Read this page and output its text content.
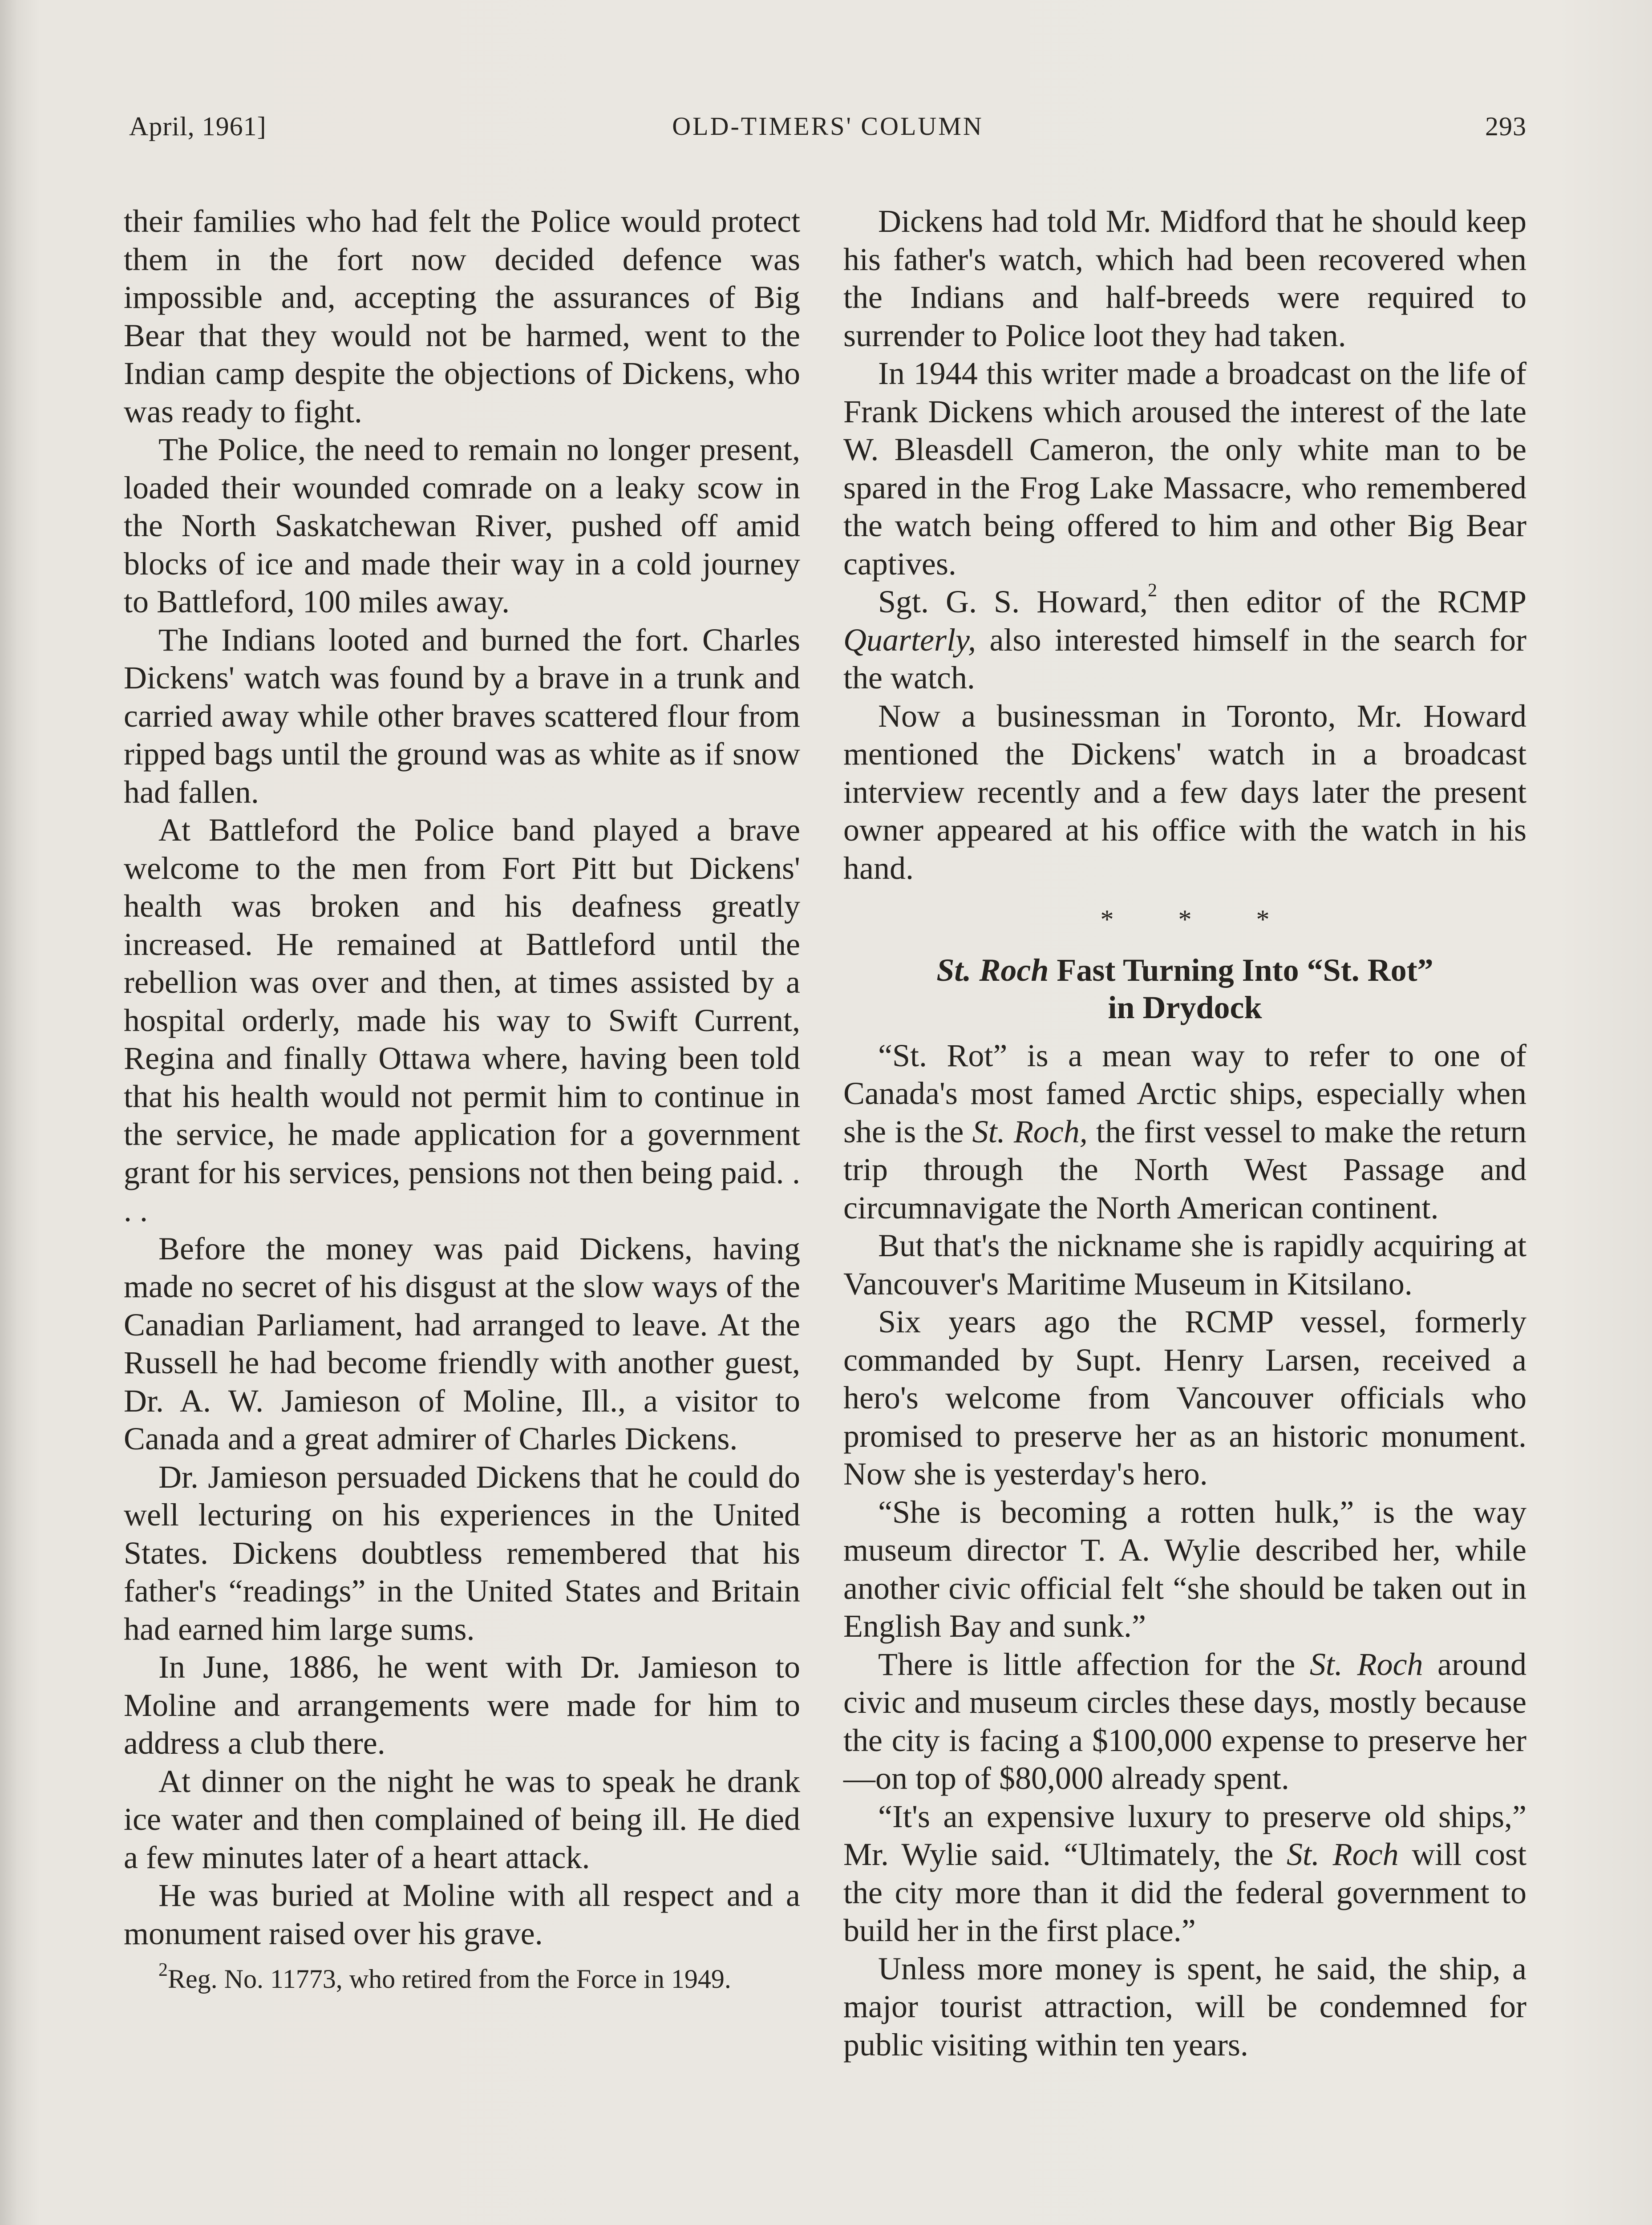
OLD-TIMERS' COLUMN
April, 1961]	293

their families who had felt the Police would protect them in the fort now decided defence was impossible and, accepting the assurances of Big Bear that they would not be harmed, went to the Indian camp despite the objections of Dickens, who was ready to fight.

The Police, the need to remain no longer present, loaded their wounded comrade on a leaky scow in the North Saskatchewan River, pushed off amid blocks of ice and made their way in a cold journey to Battleford, 100 miles away.

The Indians looted and burned the fort. Charles Dickens' watch was found by a brave in a trunk and carried away while other braves scattered flour from ripped bags until the ground was as white as if snow had fallen.

At Battleford the Police band played a brave welcome to the men from Fort Pitt but Dickens' health was broken and his deafness greatly increased. He remained at Battleford until the rebellion was over and then, at times assisted by a hospital orderly, made his way to Swift Current, Regina and finally Ottawa where, having been told that his health would not permit him to continue in the service, he made application for a government grant for his services, pensions not then being paid. . . .

Before the money was paid Dickens, having made no secret of his disgust at the slow ways of the Canadian Parliament, had arranged to leave. At the Russell he had become friendly with another guest, Dr. A. W. Jamieson of Moline, Ill., a visitor to Canada and a great admirer of Charles Dickens.

Dr. Jamieson persuaded Dickens that he could do well lecturing on his experiences in the United States. Dickens doubtless remembered that his father's “readings” in the United States and Britain had earned him large sums.

In June, 1886, he went with Dr. Jamieson to Moline and arrangements were made for him to address a club there.

At dinner on the night he was to speak he drank ice water and then complained of being ill. He died a few minutes later of a heart attack.

He was buried at Moline with all respect and a monument raised over his grave.

$^2$Reg. No. 11773, who retired from the Force in 1949.

Dickens had told Mr. Midford that he should keep his father's watch, which had been recovered when the Indians and half-breeds were required to surrender to Police loot they had taken.

In 1944 this writer made a broadcast on the life of Frank Dickens which aroused the interest of the late W. Bleasdell Cameron, the only white man to be spared in the Frog Lake Massacre, who remembered the watch being offered to him and other Big Bear captives.

Sgt. G. S. Howard,$^2$ then editor of the RCMP Quarterly, also interested himself in the search for the watch.

Now a businessman in Toronto, Mr. Howard mentioned the Dickens' watch in a broadcast interview recently and a few days later the present owner appeared at his office with the watch in his hand.

* * *
St. Roch Fast Turning Into “St. Rot”
in Drydock

“St. Rot” is a mean way to refer to one of Canada's most famed Arctic ships, especially when she is the St. Roch, the first vessel to make the return trip through the North West Passage and circumnavigate the North American continent.

But that's the nickname she is rapidly acquiring at Vancouver's Maritime Museum in Kitsilano.

Six years ago the RCMP vessel, formerly commanded by Supt. Henry Larsen, received a hero's welcome from Vancouver officials who promised to preserve her as an historic monument. Now she is yesterday's hero.

“She is becoming a rotten hulk,” is the way museum director T. A. Wylie described her, while another civic official felt “she should be taken out in English Bay and sunk.”

There is little affection for the St. Roch around civic and museum circles these days, mostly because the city is facing a $100,000 expense to preserve her—on top of $80,000 already spent.

“It's an expensive luxury to preserve old ships,” Mr. Wylie said. “Ultimately, the St. Roch will cost the city more than it did the federal government to build her in the first place.”

Unless more money is spent, he said, the ship, a major tourist attraction, will be condemned for public visiting within ten years.
